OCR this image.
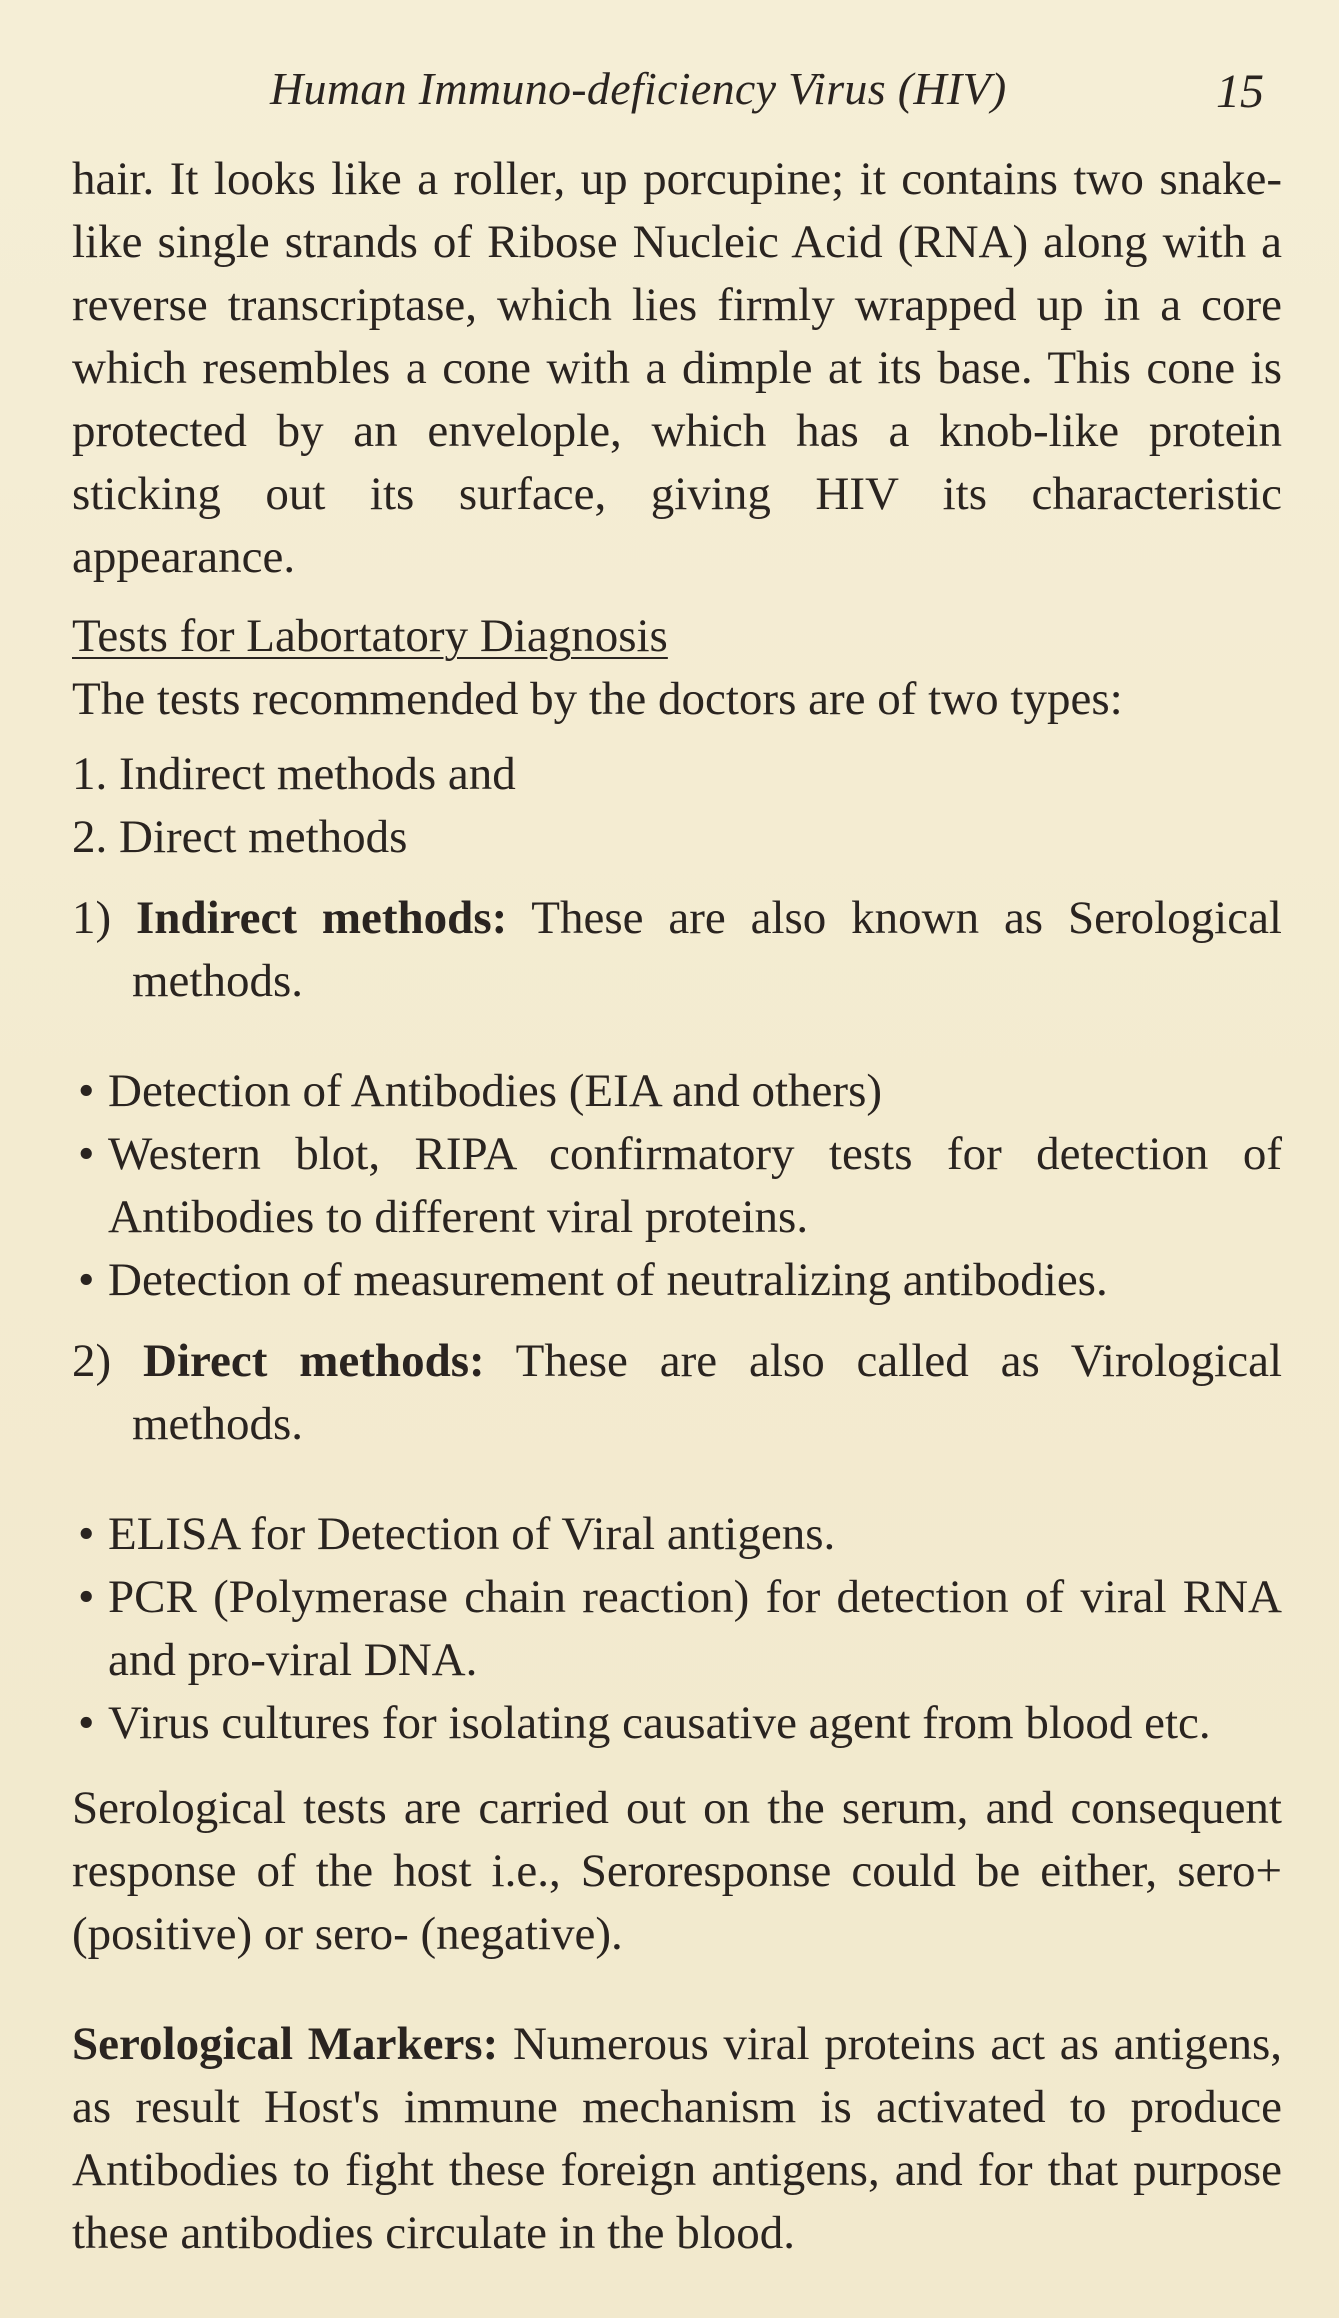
Human Immuno-deficiency Virus (HIV)	15

hair. It looks like a roller, up porcupine; it contains two snake-like single strands of Ribose Nucleic Acid (RNA) along with a reverse transcriptase, which lies firmly wrapped up in a core which resembles a cone with a dimple at its base. This cone is protected by an envelople, which has a knob-like protein sticking out its surface, giving HIV its characteristic appearance.

Tests for Labortatory Diagnosis

The tests recommended by the doctors are of two types:

1. Indirect methods and

2. Direct methods

1) Indirect methods: These are also known as Serological methods.

• Detection of Antibodies (EIA and others)
• Western blot, RIPA confirmatory tests for detection of Antibodies to different viral proteins.
• Detection of measurement of neutralizing antibodies.

2) Direct methods: These are also called as Virological methods.

• ELISA for Detection of Viral antigens.
• PCR (Polymerase chain reaction) for detection of viral RNA and pro-viral DNA.
• Virus cultures for isolating causative agent from blood etc.

Serological tests are carried out on the serum, and consequent response of the host i.e., Seroresponse could be either, sero+ (positive) or sero- (negative).

Serological Markers: Numerous viral proteins act as antigens, as result Host's immune mechanism is activated to produce Antibodies to fight these foreign antigens, and for that purpose these antibodies circulate in the blood.
